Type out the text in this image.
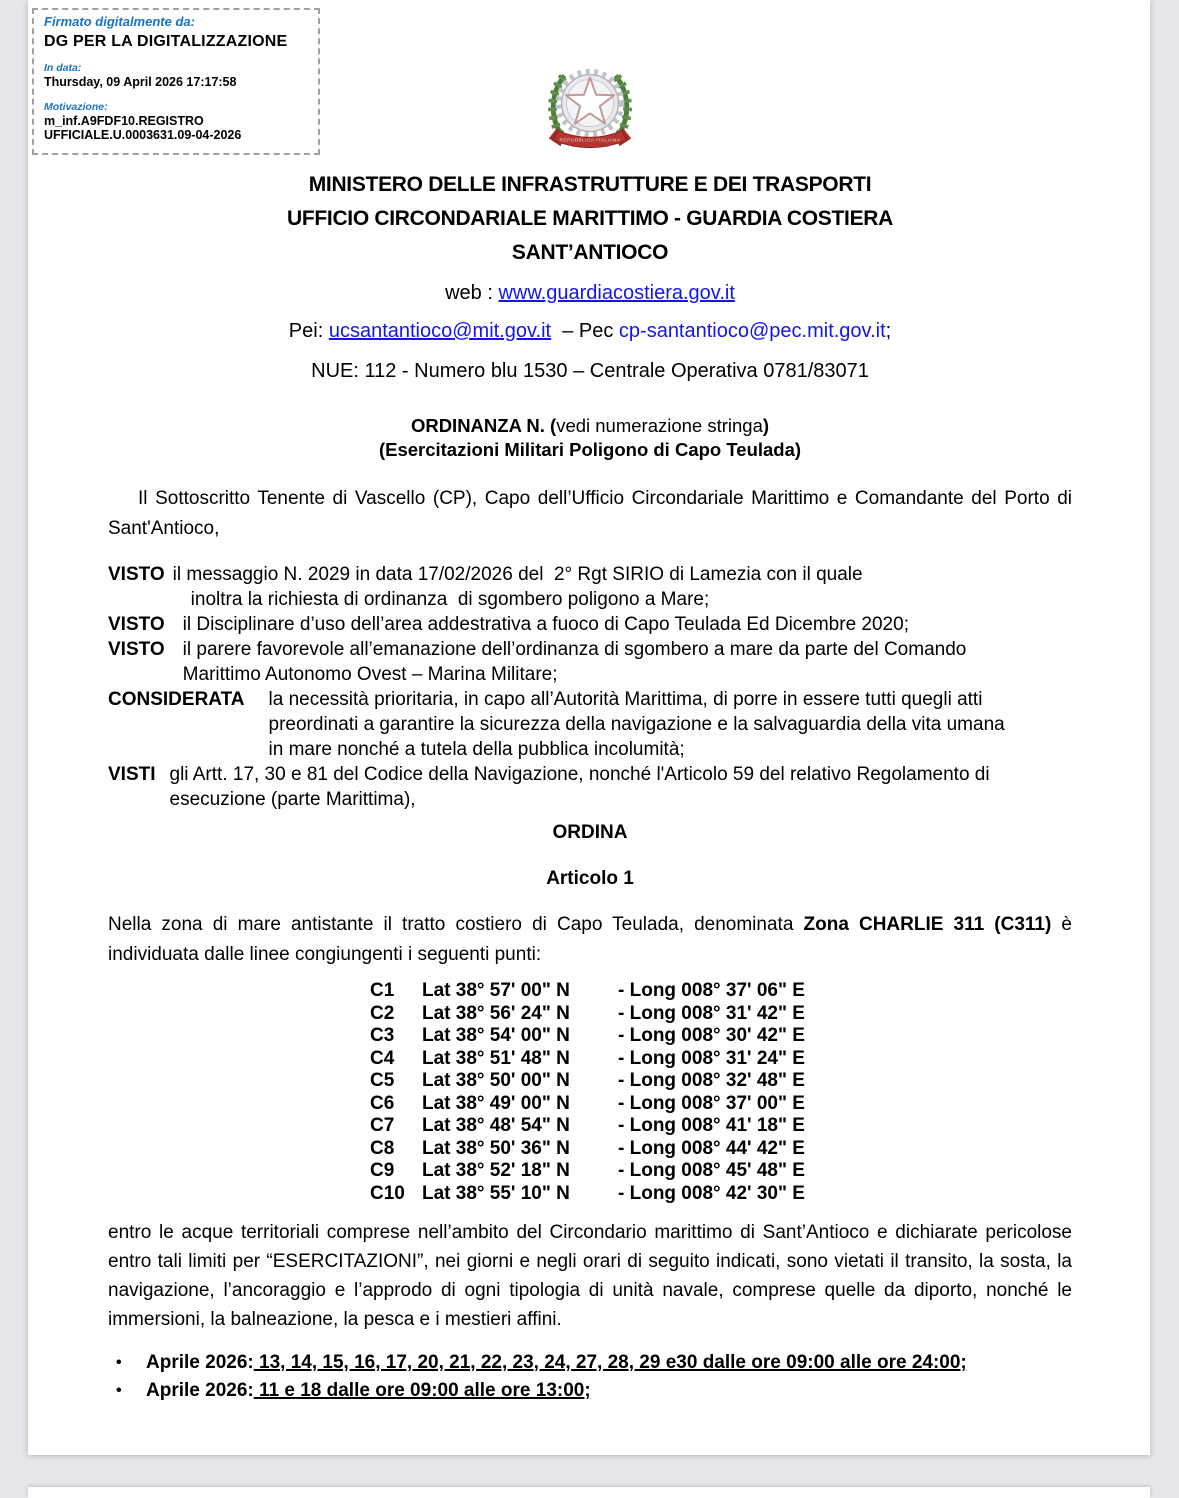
Firmato digitalmente da:
DG PER LA DIGITALIZZAZIONE
In data:
Thursday, 09 April 2026 17:17:58
Motivazione:
m_inf.A9FDF10.REGISTRO
UFFICIALE.U.0003631.09-04-2026	REPUBBLICA ITALIANA
MINISTERO DELLE INFRASTRUTTURE E DEI TRASPORTI
UFFICIO CIRCONDARIALE MARITTIMO - GUARDIA COSTIERA
SANT’ANTIOCO
web : www.guardiacostiera.gov.it
Pei: ucsantantioco@mit.gov.it  – Pec cp-santantioco@pec.mit.gov.it;
NUE: 112 - Numero blu 1530 – Centrale Operativa 0781/83071
ORDINANZA N. (vedi numerazione stringa)
(Esercitazioni Militari Poligono di Capo Teulada)
Il Sottoscritto Tenente di Vascello (CP), Capo dell’Ufficio Circondariale Marittimo e Comandante del Porto di Sant'Antioco,
VISTO il messaggio N. 2029 in data 17/02/2026 del  2° Rgt SIRIO di Lamezia con il quale
inoltra la richiesta di ordinanza  di sgombero poligono a Mare;
VISTO il Disciplinare d’uso dell’area addestrativa a fuoco di Capo Teulada Ed Dicembre 2020;
VISTO il parere favorevole all’emanazione dell’ordinanza di sgombero a mare da parte del Comando
Marittimo Autonomo Ovest – Marina Militare;
CONSIDERATA la necessità prioritaria, in capo all’Autorità Marittima, di porre in essere tutti quegli atti
preordinati a garantire la sicurezza della navigazione e la salvaguardia della vita umana
in mare nonché a tutela della pubblica incolumità;
VISTI gli Artt. 17, 30 e 81 del Codice della Navigazione, nonché l'Articolo 59 del relativo Regolamento di
esecuzione (parte Marittima),
ORDINA
Articolo 1
Nella zona di mare antistante il tratto costiero di Capo Teulada, denominata Zona CHARLIE 311 (C311) è individuata dalle linee congiungenti i seguenti punti:
C1	Lat 38° 57' 00" N	- Long 008° 37' 06" E
C2	Lat 38° 56' 24" N	- Long 008° 31' 42" E
C3	Lat 38° 54' 00" N	- Long 008° 30' 42" E
C4	Lat 38° 51' 48" N	- Long 008° 31' 24" E
C5	Lat 38° 50' 00" N	- Long 008° 32' 48" E
C6	Lat 38° 49' 00" N	- Long 008° 37' 00" E
C7	Lat 38° 48' 54" N	- Long 008° 41' 18" E
C8	Lat 38° 50' 36" N	- Long 008° 44' 42" E
C9	Lat 38° 52' 18" N	- Long 008° 45' 48" E
C10 Lat 38° 55' 10" N	- Long 008° 42' 30" E
entro le acque territoriali comprese nell’ambito del Circondario marittimo di Sant’Antioco e dichiarate pericolose entro tali limiti per “ESERCITAZIONI”, nei giorni e negli orari di seguito indicati, sono vietati il transito, la sosta, la navigazione, l’ancoraggio e l’approdo di ogni tipologia di unità navale, comprese quelle da diporto, nonché le immersioni, la balneazione, la pesca e i mestieri affini.
•	Aprile 2026: 13, 14, 15, 16, 17, 20, 21, 22, 23, 24, 27, 28, 29 e30 dalle ore 09:00 alle ore 24:00;
•	Aprile 2026: 11 e 18 dalle ore 09:00 alle ore 13:00;
